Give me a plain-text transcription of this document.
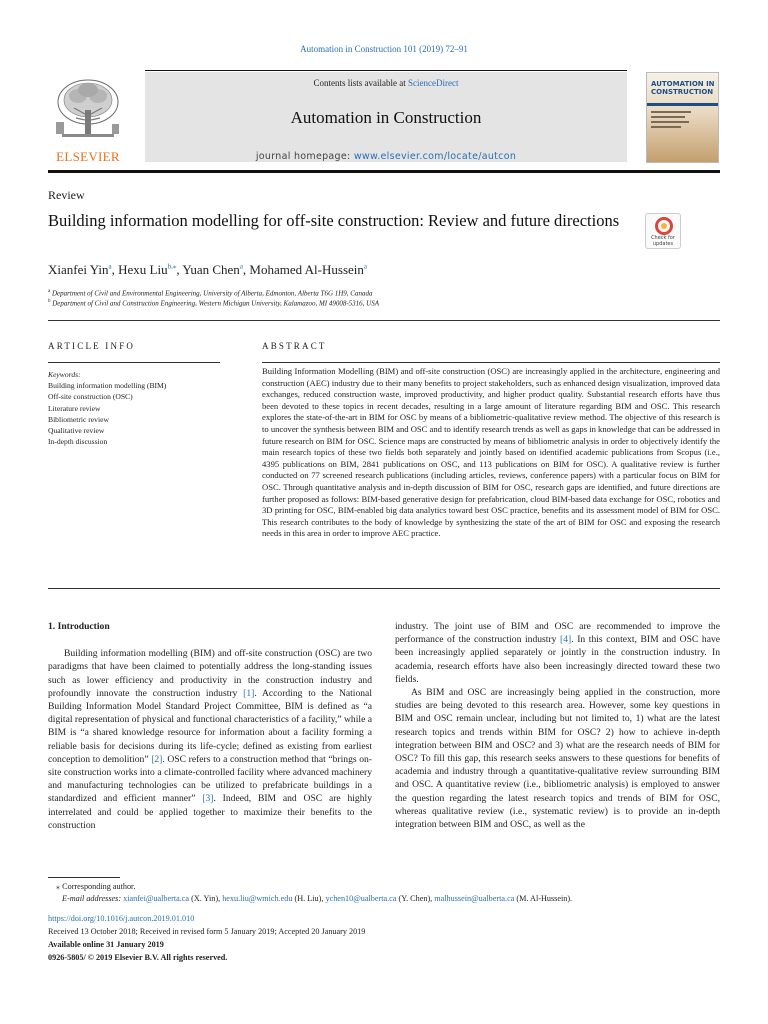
Automation in Construction 101 (2019) 72–91
Contents lists available at ScienceDirect
Automation in Construction
journal homepage: www.elsevier.com/locate/autcon
ELSEVIER
AUTOMATION IN CONSTRUCTION
Review
Building information modelling for off-site construction: Review and future directions
Check for updates
Xianfei Yin$^a$, Hexu Liu$^{b,⁎}$, Yuan Chen$^a$, Mohamed Al-Hussein$^a$
$^a$ Department of Civil and Environmental Engineering, University of Alberta, Edmonton, Alberta T6G 1H9, Canada
$^b$ Department of Civil and Construction Engineering, Western Michigan University, Kalamazoo, MI 49008-5316, USA
ARTICLE INFO	ABSTRACT
Keywords:
Building information modelling (BIM)
Off-site construction (OSC)
Literature review
Bibliometric review
Qualitative review
In-depth discussion
Building Information Modelling (BIM) and off-site construction (OSC) are increasingly applied in the architecture, engineering and construction (AEC) industry due to their many benefits to project stakeholders, such as enhanced design visualization, improved data exchanges, reduced construction waste, improved productivity, and higher product quality. Substantial research efforts have thus been devoted to these topics in recent decades, resulting in a large amount of literature regarding BIM and OSC. This research explores the state-of-the-art in BIM for OSC by means of a bibliometric-qualitative review method. The objective of this research is to uncover the synthesis between BIM and OSC and to identify research trends as well as gaps in knowledge that can be addressed in future research on BIM for OSC. Science maps are constructed by means of bibliometric analysis in order to objectively identify the main research topics of these two fields both separately and jointly based on identified academic publications from Scopus (i.e., 4395 publications on BIM, 2841 publications on OSC, and 113 publications on BIM for OSC). A qualitative review is further conducted on 77 screened research publications (including articles, reviews, conference papers) with a particular focus on BIM for OSC. Through quantitative analysis and in-depth discussion of BIM for OSC, research gaps are identified, and future directions are further proposed as follows: BIM-based generative design for prefabrication, cloud BIM-based data exchange for OSC, robotics and 3D printing for OSC, BIM-enabled big data analytics toward best OSC practice, benefits and its assessment model of BIM for OSC. This research contributes to the body of knowledge by synthesizing the state of the art of BIM for OSC and exposing the research needs in this area in order to improve AEC practice.
1. Introduction

Building information modelling (BIM) and off-site construction (OSC) are two paradigms that have been claimed to potentially address the long-standing issues such as lower efficiency and productivity in the construction industry and profoundly innovate the construction industry [1]. According to the National Building Information Model Standard Project Committee, BIM is defined as “a digital representation of physical and functional characteristics of a facility,” while a BIM is “a shared knowledge resource for information about a facility forming a reliable basis for decisions during its life-cycle; defined as existing from earliest conception to demolition” [2]. OSC refers to a construction method that “brings on-site construction works into a climate-controlled facility where advanced machinery and manufacturing technologies can be utilized to prefabricate buildings in a standardized and efficient manner” [3]. Indeed, BIM and OSC are highly interrelated and could be applied together to maximize their benefits to the construction

industry. The joint use of BIM and OSC are recommended to improve the performance of the construction industry [4]. In this context, BIM and OSC have been increasingly applied separately or jointly in the construction industry. In academia, research efforts have also been increasingly directed toward these two fields.

As BIM and OSC are increasingly being applied in the construction, more studies are being devoted to this research area. However, some key questions in BIM and OSC remain unclear, including but not limited to, 1) what are the latest research topics and trends within BIM for OSC? 2) how to achieve in-depth integration between BIM and OSC? and 3) what are the research needs of BIM for OSC? To fill this gap, this research seeks answers to these questions for benefits of academia and industry through a quantitative-qualitative review surrounding BIM and OSC. A quantitative review (i.e., bibliometric analysis) is employed to answer the question regarding the latest research topics and trends of BIM for OSC, whereas qualitative review (i.e., systematic review) is to provide an in-depth integration between BIM and OSC, as well as the

⁎ Corresponding author.
E-mail addresses: xianfei@ualberta.ca (X. Yin), hexu.liu@wmich.edu (H. Liu), ychen10@ualberta.ca (Y. Chen), malhussein@ualberta.ca (M. Al-Hussein).
https://doi.org/10.1016/j.autcon.2019.01.010
Received 13 October 2018; Received in revised form 5 January 2019; Accepted 20 January 2019
Available online 31 January 2019
0926-5805/ © 2019 Elsevier B.V. All rights reserved.
